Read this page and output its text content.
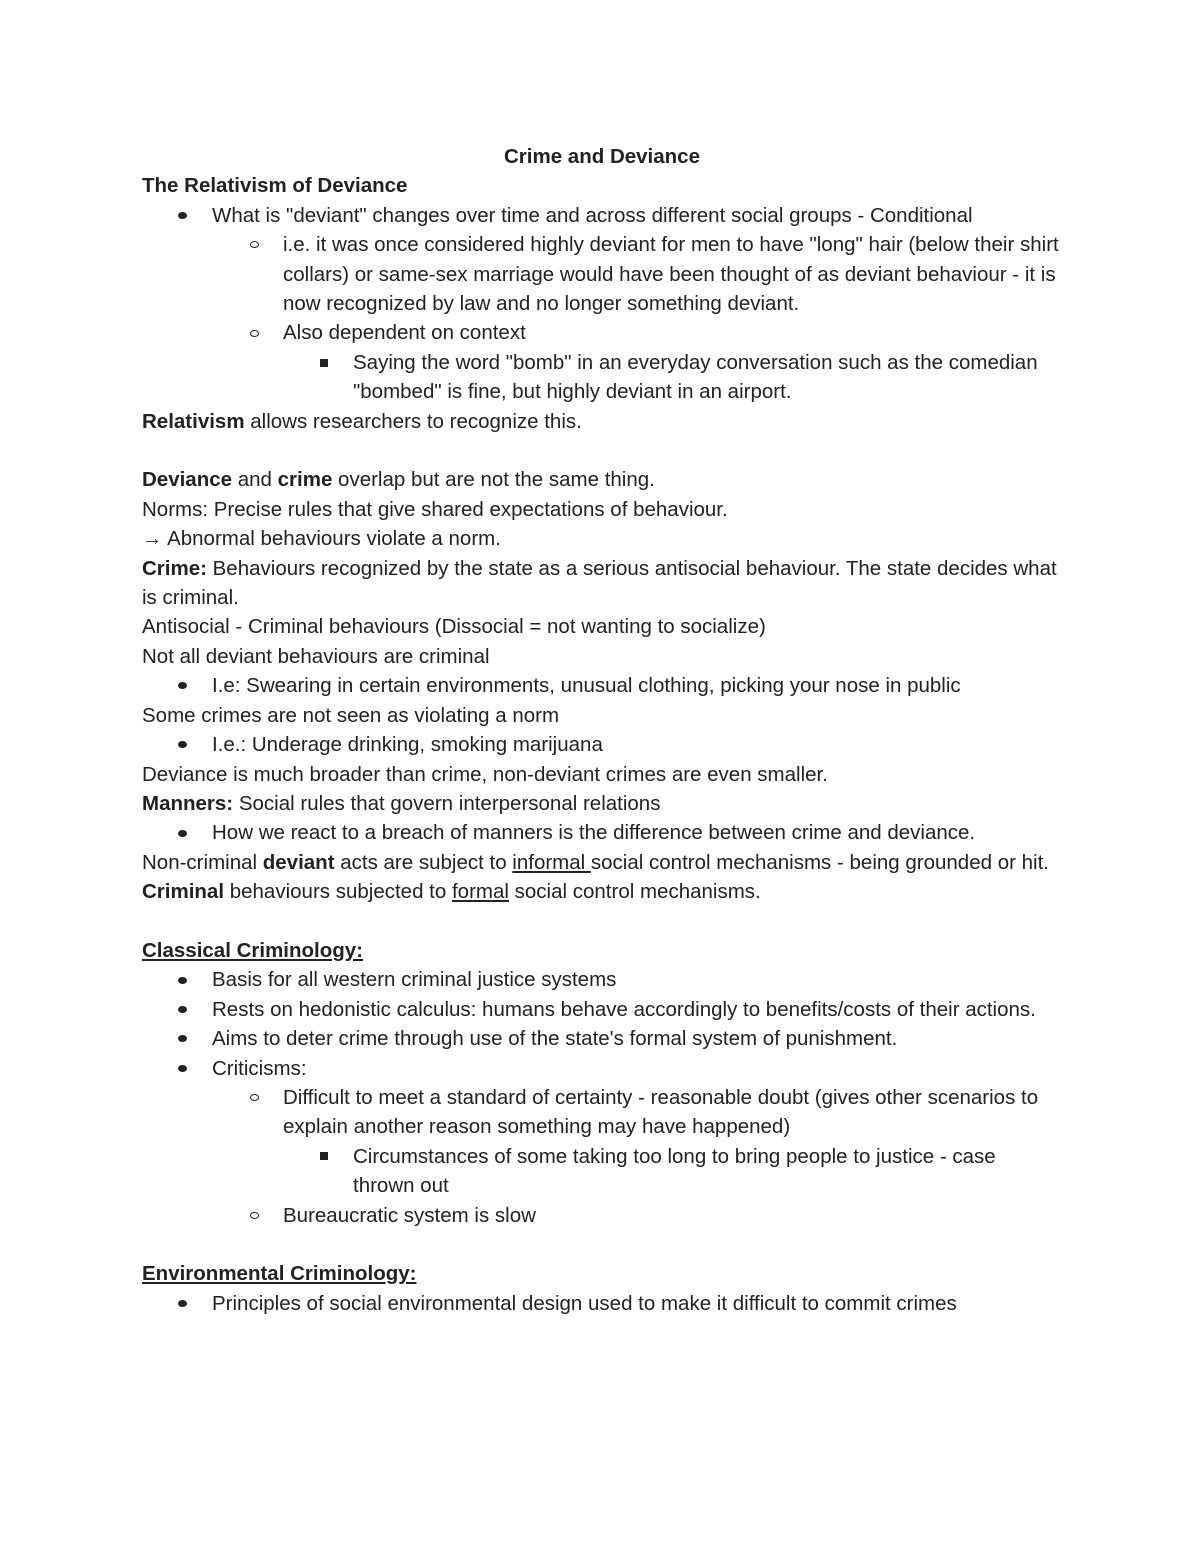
Crime and Deviance
The Relativism of Deviance
What is "deviant" changes over time and across different social groups - Conditional
i.e. it was once considered highly deviant for men to have "long" hair (below their shirt collars) or same-sex marriage would have been thought of as deviant behaviour - it is now recognized by law and no longer something deviant.
Also dependent on context
Saying the word "bomb" in an everyday conversation such as the comedian "bombed" is fine, but highly deviant in an airport.
Relativism allows researchers to recognize this.
Deviance and crime overlap but are not the same thing.
Norms: Precise rules that give shared expectations of behaviour.
→ Abnormal behaviours violate a norm.
Crime: Behaviours recognized by the state as a serious antisocial behaviour. The state decides what is criminal.
Antisocial - Criminal behaviours (Dissocial = not wanting to socialize)
Not all deviant behaviours are criminal
I.e: Swearing in certain environments, unusual clothing, picking your nose in public
Some crimes are not seen as violating a norm
I.e.: Underage drinking, smoking marijuana
Deviance is much broader than crime, non-deviant crimes are even smaller.
Manners: Social rules that govern interpersonal relations
How we react to a breach of manners is the difference between crime and deviance.
Non-criminal deviant acts are subject to informal social control mechanisms - being grounded or hit.
Criminal behaviours subjected to formal social control mechanisms.
Classical Criminology:
Basis for all western criminal justice systems
Rests on hedonistic calculus: humans behave accordingly to benefits/costs of their actions.
Aims to deter crime through use of the state's formal system of punishment.
Criticisms:
Difficult to meet a standard of certainty - reasonable doubt (gives other scenarios to explain another reason something may have happened)
Circumstances of some taking too long to bring people to justice - case thrown out
Bureaucratic system is slow
Environmental Criminology:
Principles of social environmental design used to make it difficult to commit crimes
